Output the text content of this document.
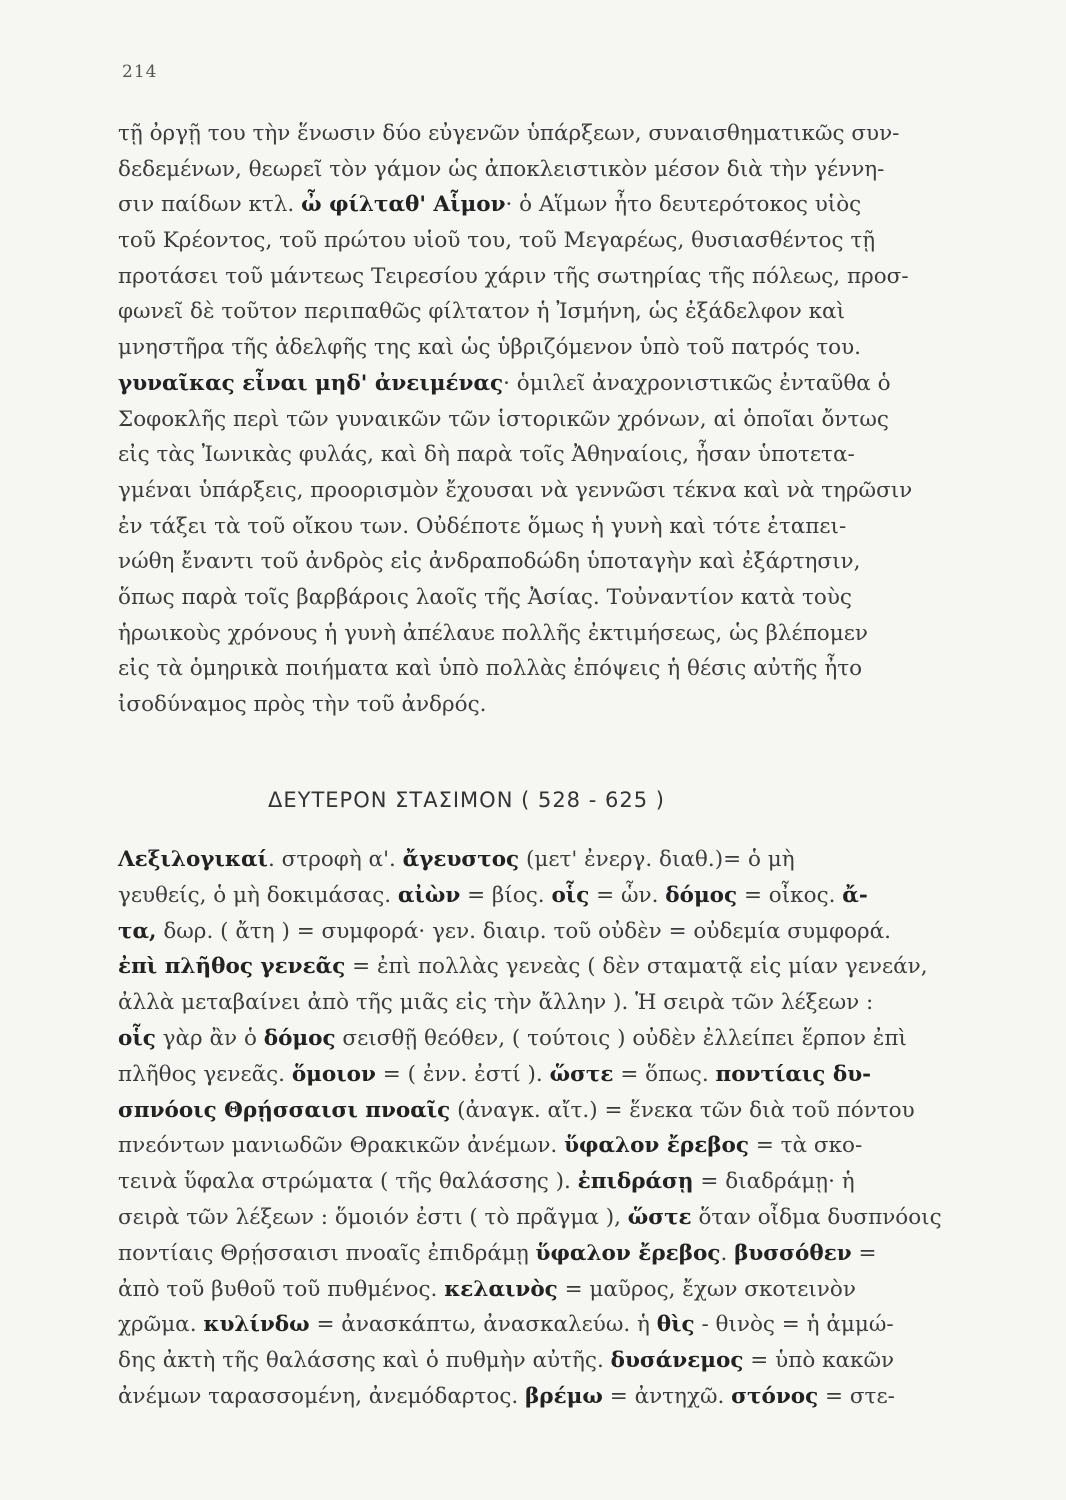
214
τῇ ὀργῇ του τὴν ἕνωσιν δύο εὐγενῶν ὑπάρξεων, συναισθηματικῶς συν-
δεδεμένων, θεωρεῖ τὸν γάμον ὡς ἀποκλειστικὸν μέσον διὰ τὴν γέννη-
σιν παίδων κτλ. ὦ φίλταθ' Αἷμον· ὁ Αἵμων ἦτο δευτερότοκος υἱὸς
τοῦ Κρέοντος, τοῦ πρώτου υἱοῦ του, τοῦ Μεγαρέως, θυσιασθέντος τῇ
προτάσει τοῦ μάντεως Τειρεσίου χάριν τῆς σωτηρίας τῆς πόλεως, προσ-
φωνεῖ δὲ τοῦτον περιπαθῶς φίλτατον ἡ Ἰσμήνη, ὡς ἐξάδελφον καὶ
μνηστῆρα τῆς ἀδελφῆς της καὶ ὡς ὑβριζόμενον ὑπὸ τοῦ πατρός του.
γυναῖκας εἶναι μηδ' ἀνειμένας· ὁμιλεῖ ἀναχρονιστικῶς ἐνταῦθα ὁ
Σοφοκλῆς περὶ τῶν γυναικῶν τῶν ἱστορικῶν χρόνων, αἱ ὁποῖαι ὄντως
εἰς τὰς Ἰωνικὰς φυλάς, καὶ δὴ παρὰ τοῖς Ἀθηναίοις, ἦσαν ὑποτετα-
γμέναι ὑπάρξεις, προορισμὸν ἔχουσαι νὰ γεννῶσι τέκνα καὶ νὰ τηρῶσιν
ἐν τάξει τὰ τοῦ οἴκου των. Οὐδέποτε ὅμως ἡ γυνὴ καὶ τότε ἐταπει-
νώθη ἔναντι τοῦ ἀνδρὸς εἰς ἀνδραποδώδη ὑποταγὴν καὶ ἐξάρτησιν,
ὅπως παρὰ τοῖς βαρβάροις λαοῖς τῆς Ἀσίας. Τοὐναντίον κατὰ τοὺς
ἡρωικοὺς χρόνους ἡ γυνὴ ἀπέλαυε πολλῆς ἐκτιμήσεως, ὡς βλέπομεν
εἰς τὰ ὁμηρικὰ ποιήματα καὶ ὑπὸ πολλὰς ἐπόψεις ἡ θέσις αὐτῆς ἦτο
ἰσοδύναμος πρὸς τὴν τοῦ ἀνδρός.
ΔΕΥΤΕΡΟΝ ΣΤΑΣΙΜΟΝ ( 528 - 625 )
Λεξιλογικαί. στροφὴ α'. ἄγευστος (μετ' ἐνεργ. διαθ.)= ὁ μὴ
γευθείς, ὁ μὴ δοκιμάσας. αἰὼν = βίος. οἷς = ὧν. δόμος = οἶκος. ἄ-
τα, δωρ. ( ἄτη ) = συμφορά· γεν. διαιρ. τοῦ οὐδὲν = οὐδεμία συμφορά.
ἐπὶ πλῆθος γενεᾶς = ἐπὶ πολλὰς γενεὰς ( δὲν σταματᾷ εἰς μίαν γενεάν,
ἀλλὰ μεταβαίνει ἀπὸ τῆς μιᾶς εἰς τὴν ἄλλην ). Ἡ σειρὰ τῶν λέξεων :
οἷς γὰρ ἂν ὁ δόμος σεισθῇ θεόθεν, ( τούτοις ) οὐδὲν ἐλλείπει ἕρπον ἐπὶ
πλῆθος γενεᾶς. ὅμοιον = ( ἐνν. ἐστί ). ὥστε = ὅπως. ποντίαις δυ-
σπνόοις Θρῄσσαισι πνοαῖς (ἀναγκ. αἴτ.) = ἕνεκα τῶν διὰ τοῦ πόντου
πνεόντων μανιωδῶν Θρακικῶν ἀνέμων. ὕφαλον ἔρεβος = τὰ σκο-
τεινὰ ὕφαλα στρώματα ( τῆς θαλάσσης ). ἐπιδράσῃ = διαδράμῃ· ἡ
σειρὰ τῶν λέξεων : ὅμοιόν ἐστι ( τὸ πρᾶγμα ), ὥστε ὅταν οἶδμα δυσπνόοις
ποντίαις Θρῄσσαισι πνοαῖς ἐπιδράμῃ ὕφαλον ἔρεβος. βυσσόθεν =
ἀπὸ τοῦ βυθοῦ τοῦ πυθμένος. κελαινὸς = μαῦρος, ἔχων σκοτεινὸν
χρῶμα. κυλίνδω = ἀνασκάπτω, ἀνασκαλεύω. ἡ θὶς - θινὸς = ἡ ἀμμώ-
δης ἀκτὴ τῆς θαλάσσης καὶ ὁ πυθμὴν αὐτῆς. δυσάνεμος = ὑπὸ κακῶν
ἀνέμων ταρασσομένη, ἀνεμόδαρτος. βρέμω = ἀντηχῶ. στόνος = στε-
